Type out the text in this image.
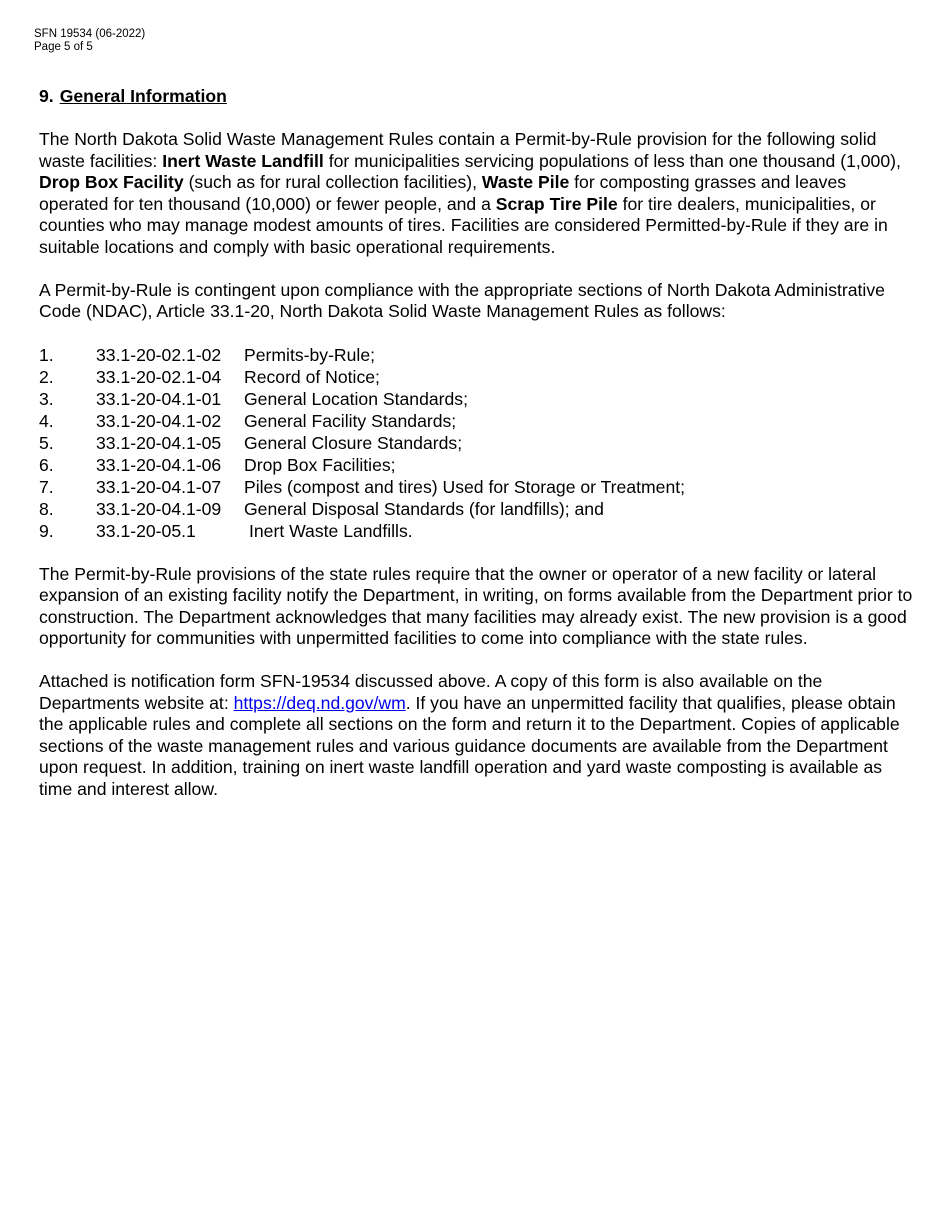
SFN 19534 (06-2022)
Page 5 of 5
9. General Information

The North Dakota Solid Waste Management Rules contain a Permit-by-Rule provision for the following solid waste facilities: Inert Waste Landfill for municipalities servicing populations of less than one thousand (1,000), Drop Box Facility (such as for rural collection facilities), Waste Pile for composting grasses and leaves operated for ten thousand (10,000) or fewer people, and a Scrap Tire Pile for tire dealers, municipalities, or counties who may manage modest amounts of tires. Facilities are considered Permitted-by-Rule if they are in suitable locations and comply with basic operational requirements.

A Permit-by-Rule is contingent upon compliance with the appropriate sections of North Dakota Administrative Code (NDAC), Article 33.1-20, North Dakota Solid Waste Management Rules as follows:

1.	33.1-20-02.1-02	Permits-by-Rule;
2.	33.1-20-02.1-04	Record of Notice;
3.	33.1-20-04.1-01	General Location Standards;
4.	33.1-20-04.1-02	General Facility Standards;
5.	33.1-20-04.1-05	General Closure Standards;
6.	33.1-20-04.1-06	Drop Box Facilities;
7.	33.1-20-04.1-07	Piles (compost and tires) Used for Storage or Treatment;
8.	33.1-20-04.1-09	General Disposal Standards (for landfills); and
9.	33.1-20-05.1	Inert Waste Landfills.

The Permit-by-Rule provisions of the state rules require that the owner or operator of a new facility or lateral expansion of an existing facility notify the Department, in writing, on forms available from the Department prior to construction. The Department acknowledges that many facilities may already exist. The new provision is a good opportunity for communities with unpermitted facilities to come into compliance with the state rules.

Attached is notification form SFN-19534 discussed above. A copy of this form is also available on the Departments website at: https://deq.nd.gov/wm. If you have an unpermitted facility that qualifies, please obtain the applicable rules and complete all sections on the form and return it to the Department. Copies of applicable sections of the waste management rules and various guidance documents are available from the Department upon request. In addition, training on inert waste landfill operation and yard waste composting is available as time and interest allow.
